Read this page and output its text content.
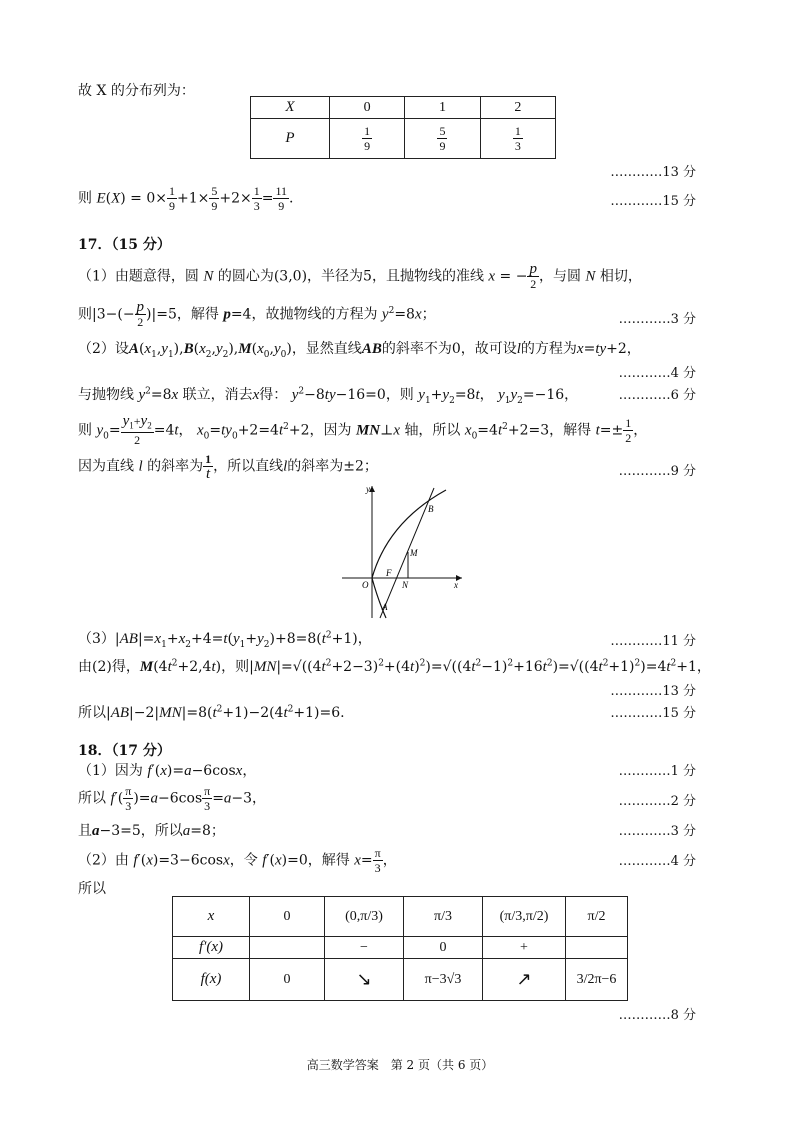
故 X 的分布列为：
X	0	1	2
P	$\frac{1}{9}$	$\frac{5}{9}$	$\frac{1}{3}$
…………13 分
则 $E(X) = 0\times \frac{1}{9} +1\times \frac{5}{9} +2\times \frac{1}{3} = \frac{11}{9}$ .	…………15 分
17．（15 分）
（1）由题意得，圆 N 的圆心为(3,0)，半径为5，且抛物线的准线 x = − $\frac{p}{2}$ ，与圆 N 相切，
则$|3-(- \frac{p}{2} )|=5$，解得 p=4，故抛物线的方程为 $y^2=8x$；	…………3 分
（2）设$A(x_1,y_1),B(x_2,y_2),M(x_0,y_0)$，显然直线AB的斜率不为0，故可设l的方程为x=ty+2，
…………4 分
与抛物线 $y^2=8x$ 联立，消去x得： $y^2-8ty-16=0$，则 $y_1+y_2=8t$， $y_1y_2=-16$，	…………6 分
则 $y_0= \frac{y_1+y_2}{2} =4t$， $x_0=ty_0+2=4t^2+2$，因为 MN⊥x 轴，所以 $x_0=4t^2+2=3$，解得 $t=\pm \frac{1}{2}$ ，
因为直线 l 的斜率为 $\frac{1}{t}$ ，所以直线l的斜率为±2；	…………9 分
y
x
O
F
N
M
A
B
$(3)|AB|=x_1+x_2+4=t(y_1+y_2)+8=8(t^2+1)$，	…………11 分
由(2)得，$M(4t^2+2,4t)$，则$|MN|=√((4t^2+2-3)^2+(4t)^2)=√((4t^2-1)^2+16t^2)=√((4t^2+1)^2)=4t^2+1$，
…………13 分
所以$|AB|-2|MN|=8(t^2+1)-2(4t^2+1)=6$.	…………15 分
18．（17 分）
（1）因为 f′(x)=a−6cosx，	…………1 分
所以 $f'( \frac{\pi}{3} )=a-6\cos \frac{\pi}{3} =a-3$，	…………2 分
且a−3=5，所以a=8；	…………3 分
（2）由 f′(x)=3−6cosx，令 f′(x)=0，解得 $x= \frac{\pi}{3}$ ，	…………4 分
所以
x	0	(0,π/3)	π/3	(π/3,π/2)	π/2
f′(x)		−	0	+	
f(x)	0	↘	π−3√3	↗	3/2π−6
…………8 分
高三数学答案　第 2 页（共 6 页）
